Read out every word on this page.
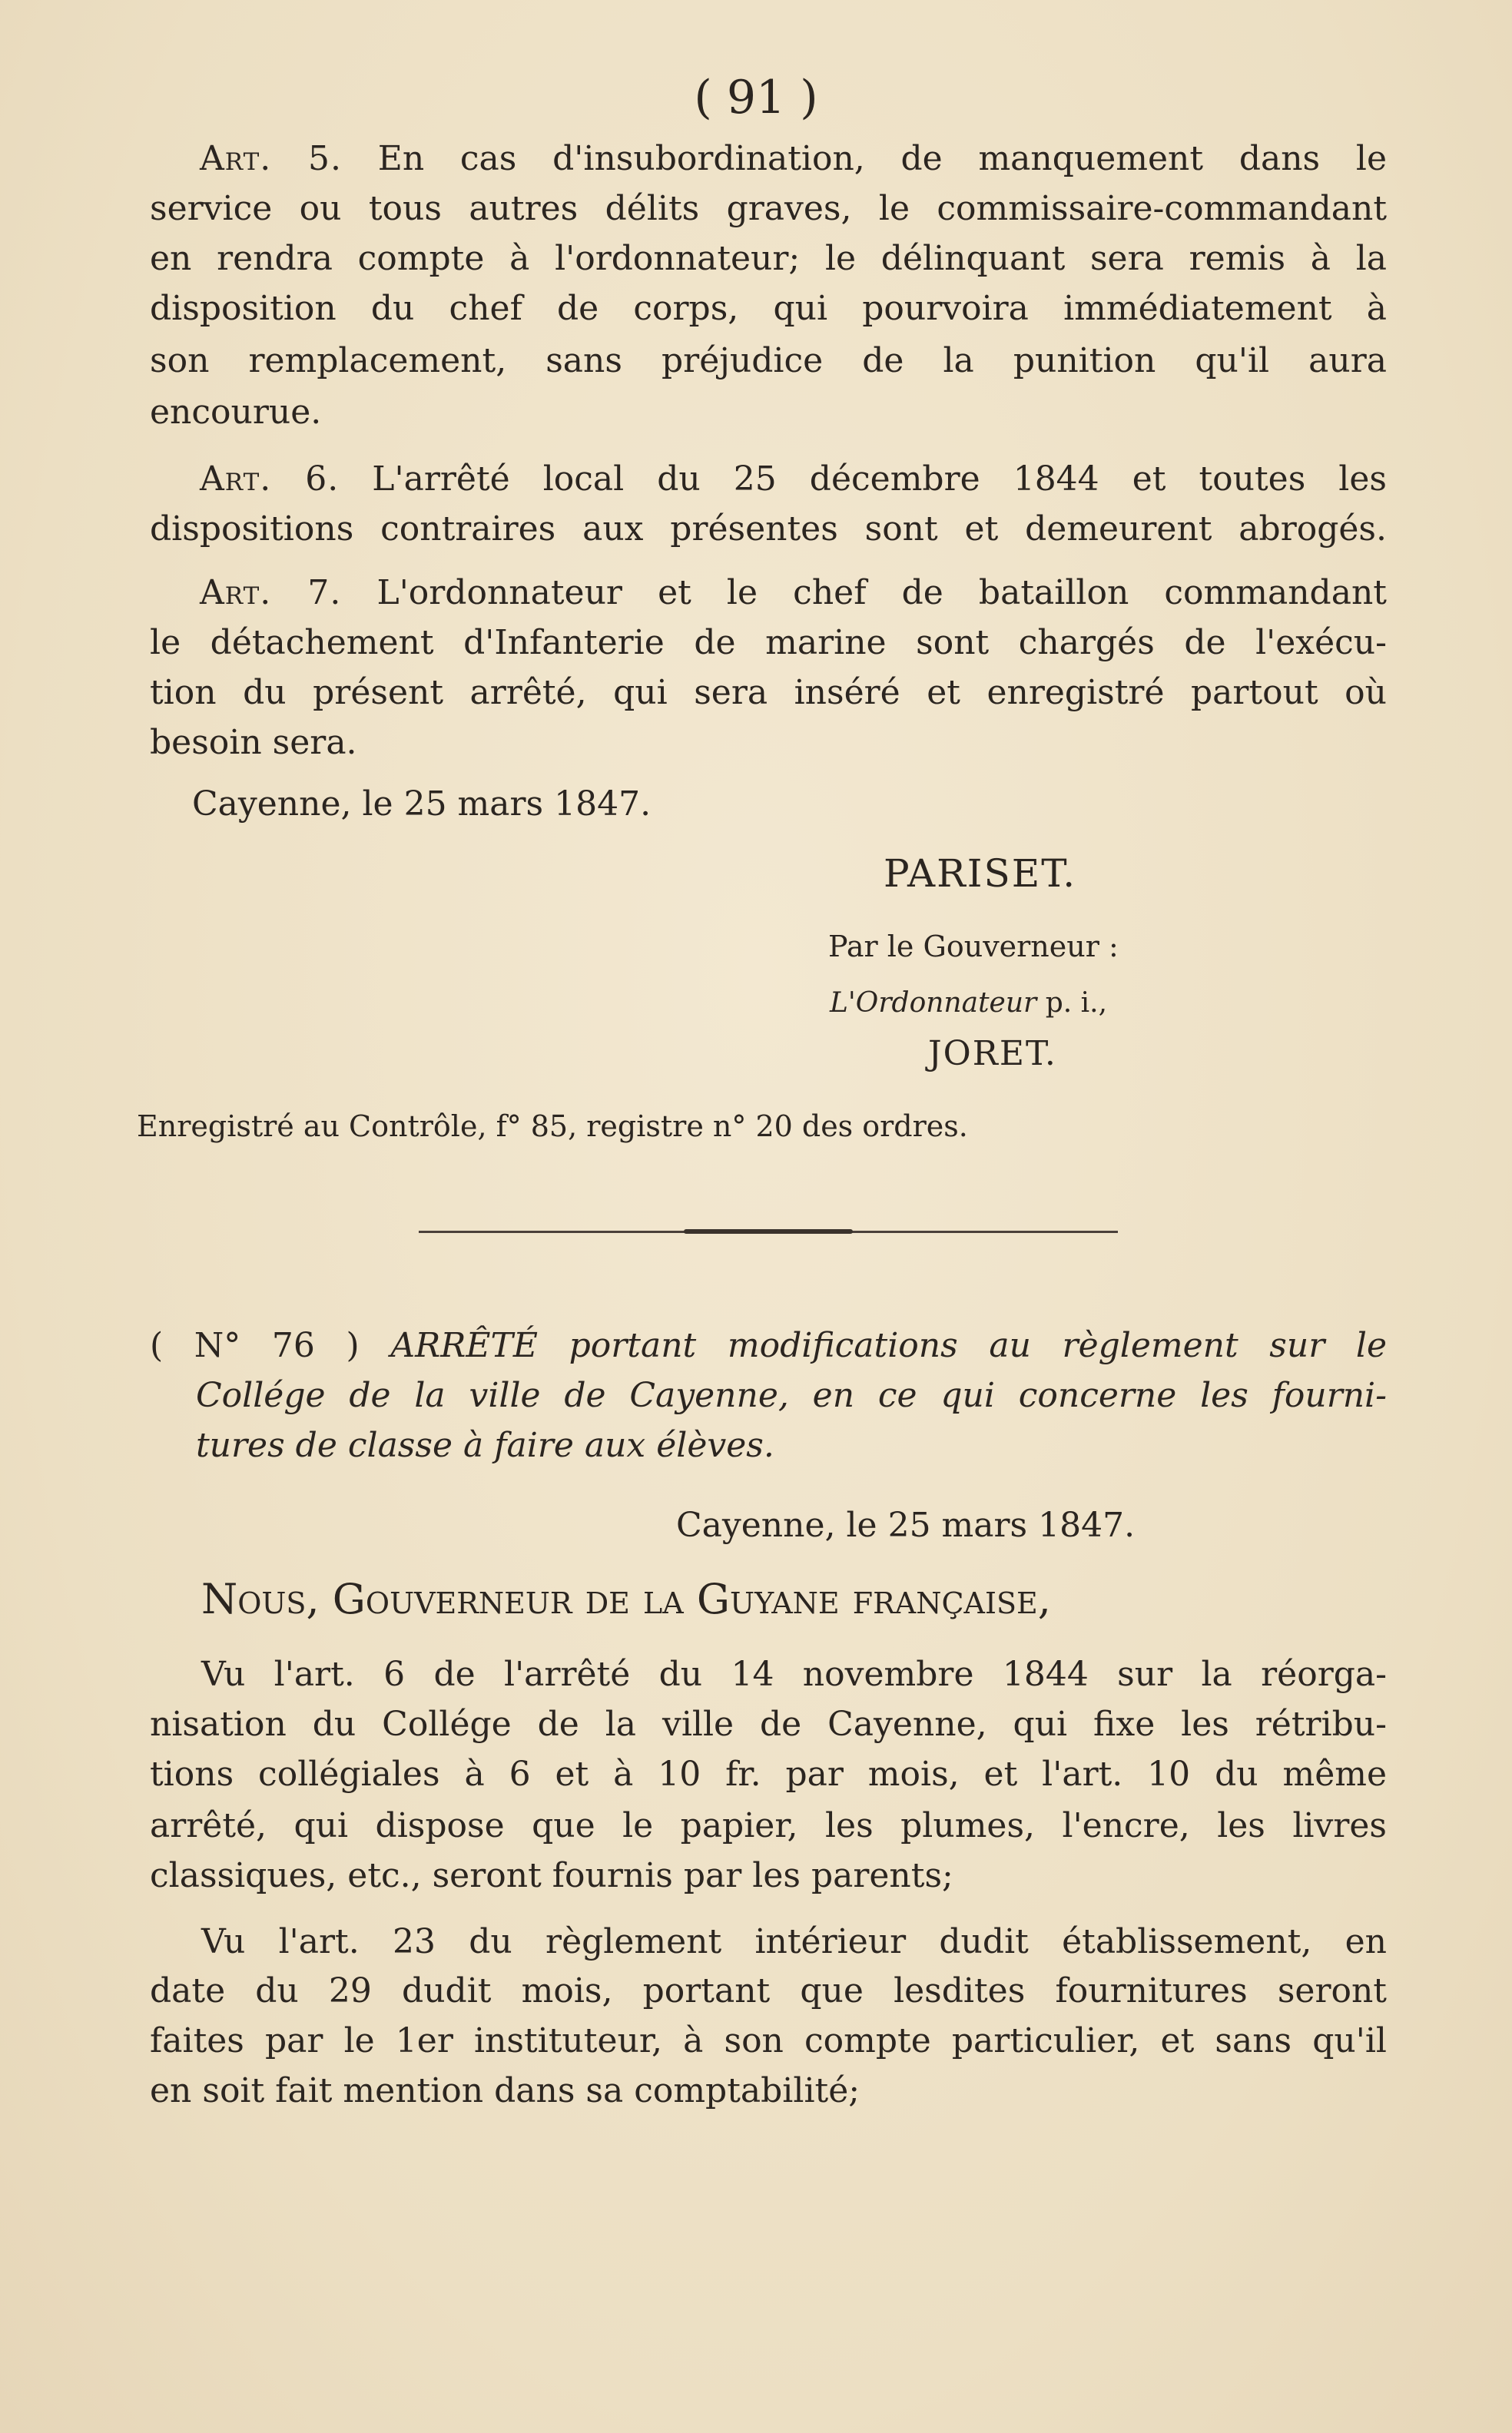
( 91 )
Art. 5. En cas d'insubordination, de manquement dans le
service ou tous autres délits graves, le commissaire-commandant
en rendra compte à l'ordonnateur; le délinquant sera remis à la
disposition du chef de corps, qui pourvoira immédiatement à
son remplacement, sans préjudice de la punition qu'il aura
encourue.
Art. 6. L'arrêté local du 25 décembre 1844 et toutes les
dispositions contraires aux présentes sont et demeurent abrogés.
Art. 7. L'ordonnateur et le chef de bataillon commandant
le détachement d'Infanterie de marine sont chargés de l'exécu-
tion du présent arrêté, qui sera inséré et enregistré partout où
besoin sera.
Cayenne, le 25 mars 1847.
PARISET.
Par le Gouverneur :
L'Ordonnateur p. i.,
JORET.
Enregistré au Contrôle, f° 85, registre n° 20 des ordres.
( N° 76 ) ARRÊTÉ portant modifications au règlement sur le
Collége de la ville de Cayenne, en ce qui concerne les fourni-
tures de classe à faire aux élèves.
Cayenne, le 25 mars 1847.
Nous, Gouverneur de la Guyane française,
Vu l'art. 6 de l'arrêté du 14 novembre 1844 sur la réorga-
nisation du Collége de la ville de Cayenne, qui fixe les rétribu-
tions collégiales à 6 et à 10 fr. par mois, et l'art. 10 du même
arrêté, qui dispose que le papier, les plumes, l'encre, les livres
classiques, etc., seront fournis par les parents;
Vu l'art. 23 du règlement intérieur dudit établissement, en
date du 29 dudit mois, portant que lesdites fournitures seront
faites par le 1er instituteur, à son compte particulier, et sans qu'il
en soit fait mention dans sa comptabilité;
